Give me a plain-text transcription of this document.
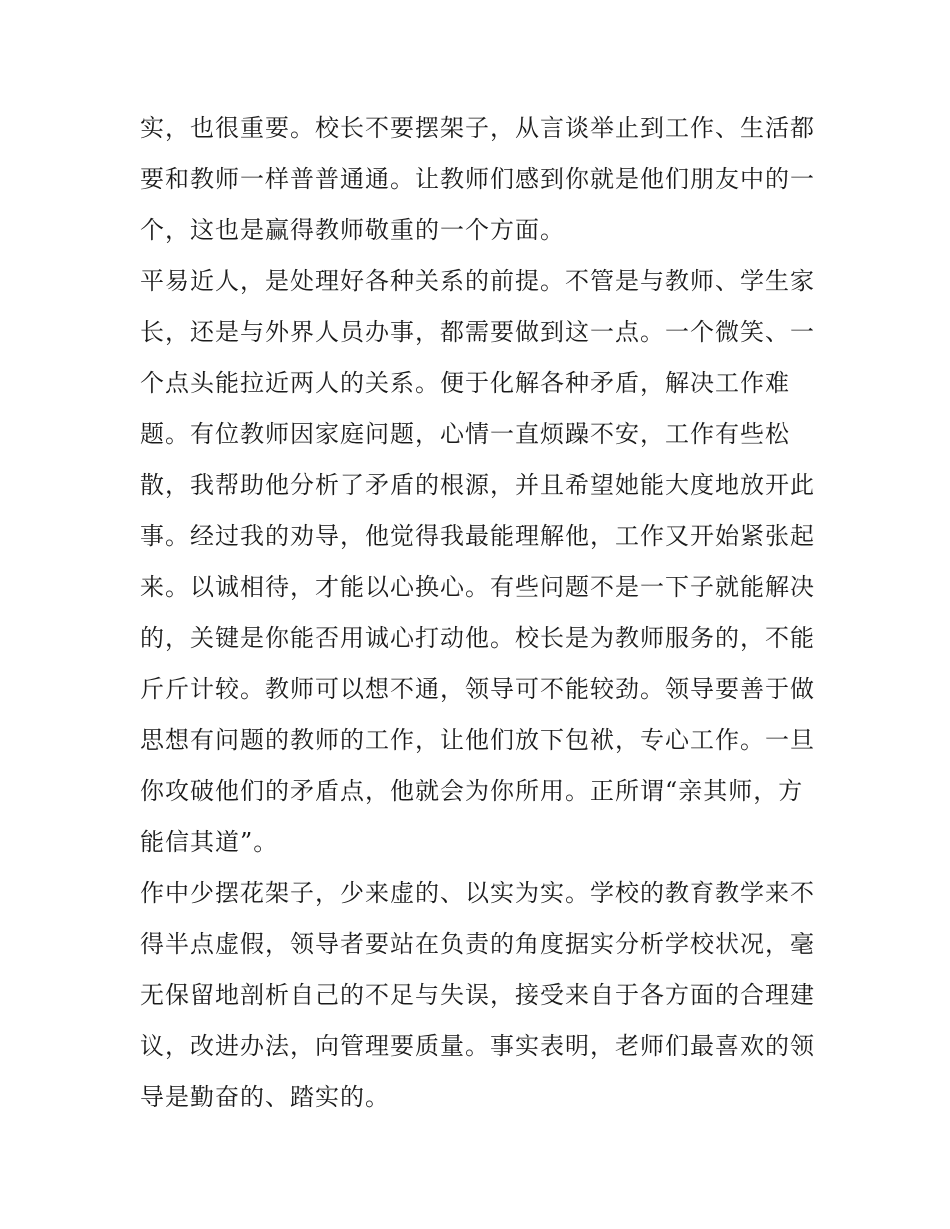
实，也很重要。校长不要摆架子，从言谈举止到工作、生活都
要和教师一样普普通通。让教师们感到你就是他们朋友中的一
个，这也是赢得教师敬重的一个方面。
平易近人，是处理好各种关系的前提。不管是与教师、学生家
长，还是与外界人员办事，都需要做到这一点。一个微笑、一
个点头能拉近两人的关系。便于化解各种矛盾，解决工作难
题。有位教师因家庭问题，心情一直烦躁不安，工作有些松
散，我帮助他分析了矛盾的根源，并且希望她能大度地放开此
事。经过我的劝导，他觉得我最能理解他，工作又开始紧张起
来。以诚相待，才能以心换心。有些问题不是一下子就能解决
的，关键是你能否用诚心打动他。校长是为教师服务的，不能
斤斤计较。教师可以想不通，领导可不能较劲。领导要善于做
思想有问题的教师的工作，让他们放下包袱，专心工作。一旦
你攻破他们的矛盾点，他就会为你所用。正所谓“亲其师，方
能信其道”。
作中少摆花架子，少来虚的、以实为实。学校的教育教学来不
得半点虚假，领导者要站在负责的角度据实分析学校状况，毫
无保留地剖析自己的不足与失误，接受来自于各方面的合理建
议，改进办法，向管理要质量。事实表明，老师们最喜欢的领
导是勤奋的、踏实的。
